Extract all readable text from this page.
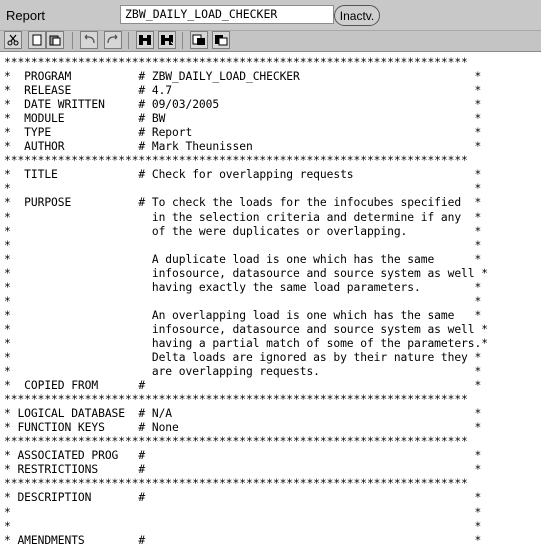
Report	ZBW_DAILY_LOAD_CHECKER	Inactv.
*********************************************************************
*  PROGRAM          # ZBW_DAILY_LOAD_CHECKER                          *
*  RELEASE          # 4.7                                             *
*  DATE WRITTEN     # 09/03/2005                                      *
*  MODULE           # BW                                              *
*  TYPE             # Report                                          *
*  AUTHOR           # Mark Theunissen                                 *
*********************************************************************
*  TITLE            # Check for overlapping requests                  *
*                                                                     *
*  PURPOSE          # To check the loads for the infocubes specified  *
*                     in the selection criteria and determine if any  *
*                     of the were duplicates or overlapping.          *
*                                                                     *
*                     A duplicate load is one which has the same      *
*                     infosource, datasource and source system as well *
*                     having exactly the same load parameters.        *
*                                                                     *
*                     An overlapping load is one which has the same   *
*                     infosource, datasource and source system as well *
*                     having a partial match of some of the parameters.*
*                     Delta loads are ignored as by their nature they *
*                     are overlapping requests.                       *
*  COPIED FROM      #                                                 *
*********************************************************************
* LOGICAL DATABASE  # N/A                                             *
* FUNCTION KEYS     # None                                            *
*********************************************************************
* ASSOCIATED PROG   #                                                 *
* RESTRICTIONS      #                                                 *
*********************************************************************
* DESCRIPTION       #                                                 *
*                                                                     *
*                                                                     *
* AMENDMENTS        #                                                 *
